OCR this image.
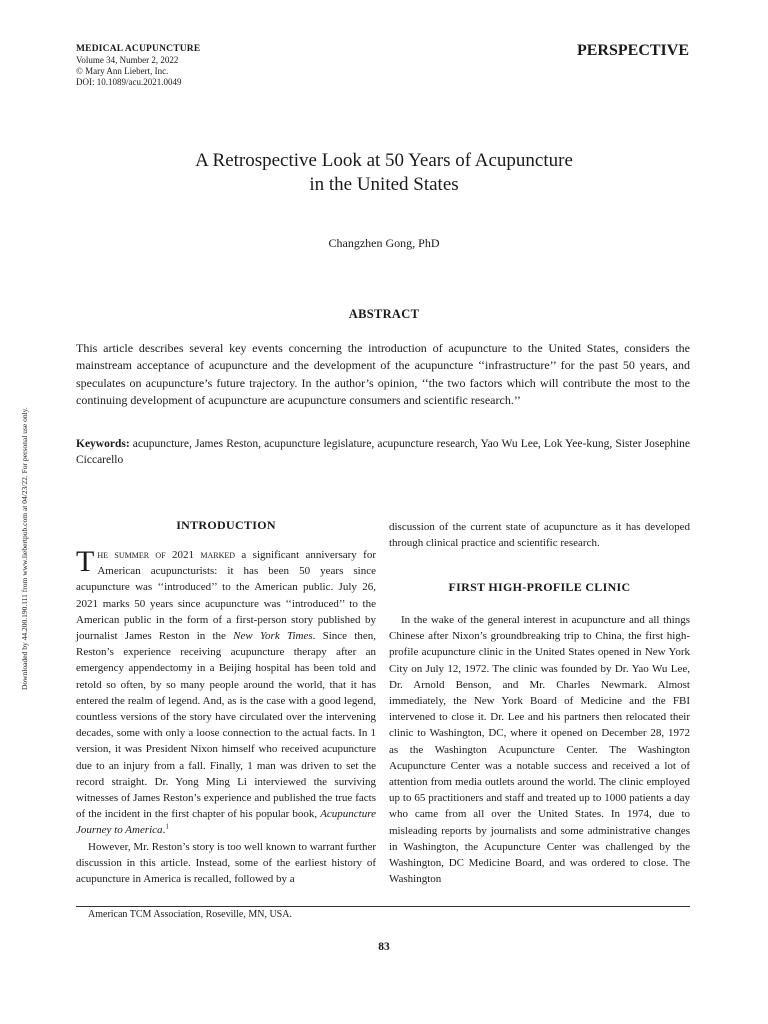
MEDICAL ACUPUNCTURE
Volume 34, Number 2, 2022
© Mary Ann Liebert, Inc.
DOI: 10.1089/acu.2021.0049
PERSPECTIVE
Downloaded by 44.200.190.111 from www.liebertpub.com at 04/23/22. For personal use only.
A Retrospective Look at 50 Years of Acupuncture
in the United States
Changzhen Gong, PhD
ABSTRACT
This article describes several key events concerning the introduction of acupuncture to the United States, considers the mainstream acceptance of acupuncture and the development of the acupuncture ‘‘infrastructure’’ for the past 50 years, and speculates on acupuncture’s future trajectory. In the author’s opinion, ‘‘the two factors which will contribute the most to the continuing development of acupuncture are acupuncture consumers and scientific research.’’
Keywords: acupuncture, James Reston, acupuncture legislature, acupuncture research, Yao Wu Lee, Lok Yee-kung, Sister Josephine Ciccarello
INTRODUCTION

The summer of 2021 marked a significant anniversary for American acupuncturists: it has been 50 years since acupuncture was ‘‘introduced’’ to the American public. July 26, 2021 marks 50 years since acupuncture was ‘‘introduced’’ to the American public in the form of a first-person story published by journalist James Reston in the New York Times. Since then, Reston’s experience receiving acupuncture therapy after an emergency appendectomy in a Beijing hospital has been told and retold so often, by so many people around the world, that it has entered the realm of legend. And, as is the case with a good legend, countless versions of the story have circulated over the intervening decades, some with only a loose connection to the actual facts. In 1 version, it was President Nixon himself who received acupuncture due to an injury from a fall. Finally, 1 man was driven to set the record straight. Dr. Yong Ming Li interviewed the surviving witnesses of James Reston’s experience and published the true facts of the incident in the first chapter of his popular book, Acupuncture Journey to America.$^1$

However, Mr. Reston’s story is too well known to warrant further discussion in this article. Instead, some of the earliest history of acupuncture in America is recalled, followed by a

discussion of the current state of acupuncture as it has developed through clinical practice and scientific research.
FIRST HIGH-PROFILE CLINIC

In the wake of the general interest in acupuncture and all things Chinese after Nixon’s groundbreaking trip to China, the first high-profile acupuncture clinic in the United States opened in New York City on July 12, 1972. The clinic was founded by Dr. Yao Wu Lee, Dr. Arnold Benson, and Mr. Charles Newmark. Almost immediately, the New York Board of Medicine and the FBI intervened to close it. Dr. Lee and his partners then relocated their clinic to Washington, DC, where it opened on December 28, 1972 as the Washington Acupuncture Center. The Washington Acupuncture Center was a notable success and received a lot of attention from media outlets around the world. The clinic employed up to 65 practitioners and staff and treated up to 1000 patients a day who came from all over the United States. In 1974, due to misleading reports by journalists and some administrative changes in Washington, the Acupuncture Center was challenged by the Washington, DC Medicine Board, and was ordered to close. The Washington

American TCM Association, Roseville, MN, USA.
83
